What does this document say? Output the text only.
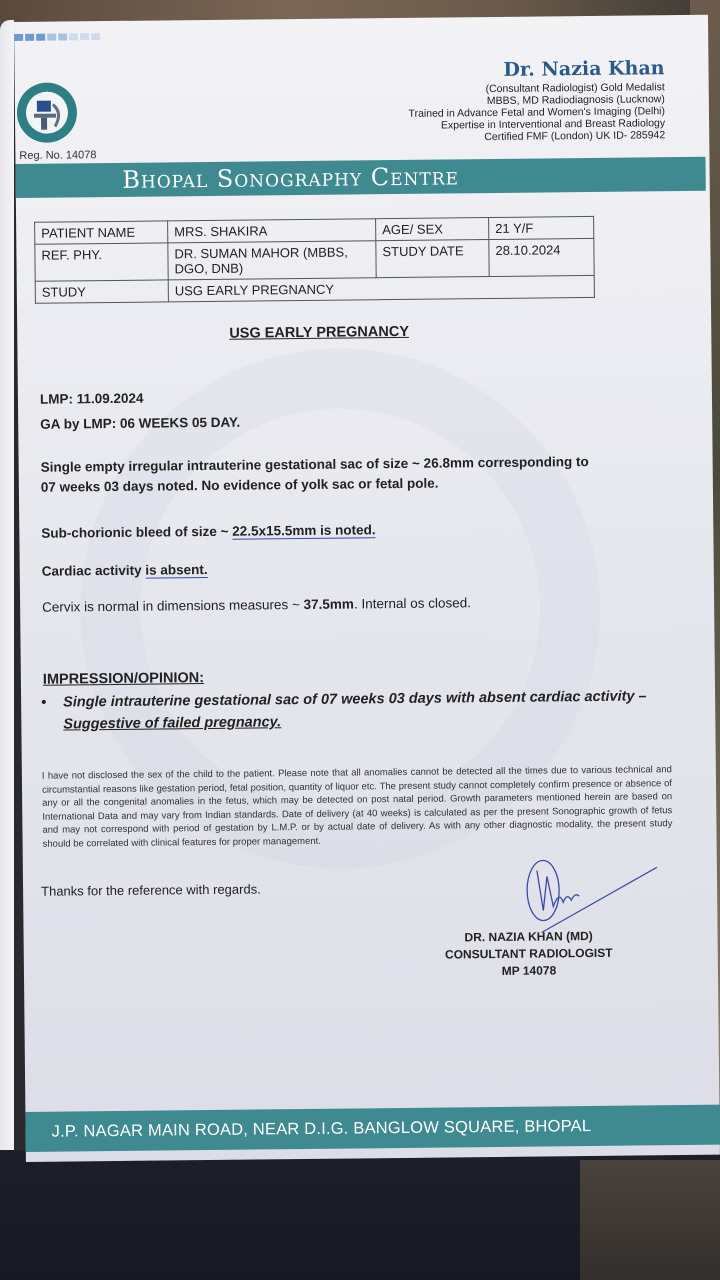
Reg. No. 14078
Dr. Nazia Khan
(Consultant Radiologist) Gold Medalist
MBBS, MD Radiodiagnosis (Lucknow)
Trained in Advance Fetal and Women's Imaging (Delhi)
Expertise in Interventional and Breast Radiology
Certified FMF (London) UK ID- 285942
Bhopal Sonography Centre
PATIENT NAME	MRS. SHAKIRA	AGE/ SEX	21 Y/F
REF. PHY.	DR. SUMAN MAHOR (MBBS,
DGO, DNB)	STUDY DATE	28.10.2024
STUDY	USG EARLY PREGNANCY		
USG EARLY PREGNANCY
LMP: 11.09.2024
GA by LMP: 06 WEEKS 05 DAY.
Single empty irregular intrauterine gestational sac of size ~ 26.8mm corresponding to
07 weeks 03 days noted. No evidence of yolk sac or fetal pole.
Sub-chorionic bleed of size ~ 22.5x15.5mm is noted.
Cardiac activity is absent.
Cervix is normal in dimensions measures ~ 37.5mm. Internal os closed.
IMPRESSION/OPINION:
• Single intrauterine gestational sac of 07 weeks 03 days with absent cardiac activity – Suggestive of failed pregnancy.
I have not disclosed the sex of the child to the patient. Please note that all anomalies cannot be detected all the times due to various technical and circumstantial reasons like gestation period, fetal position, quantity of liquor etc. The present study cannot completely confirm presence or absence of any or all the congenital anomalies in the fetus, which may be detected on post natal period. Growth parameters mentioned herein are based on International Data and may vary from Indian standards. Date of delivery (at 40 weeks) is calculated as per the present Sonographic growth of fetus and may not correspond with period of gestation by L.M.P. or by actual date of delivery. As with any other diagnostic modality, the present study should be correlated with clinical features for proper management.
Thanks for the reference with regards.
DR. NAZIA KHAN (MD)
CONSULTANT RADIOLOGIST
MP 14078
J.P. NAGAR MAIN ROAD, NEAR D.I.G. BANGLOW SQUARE, BHOPAL
